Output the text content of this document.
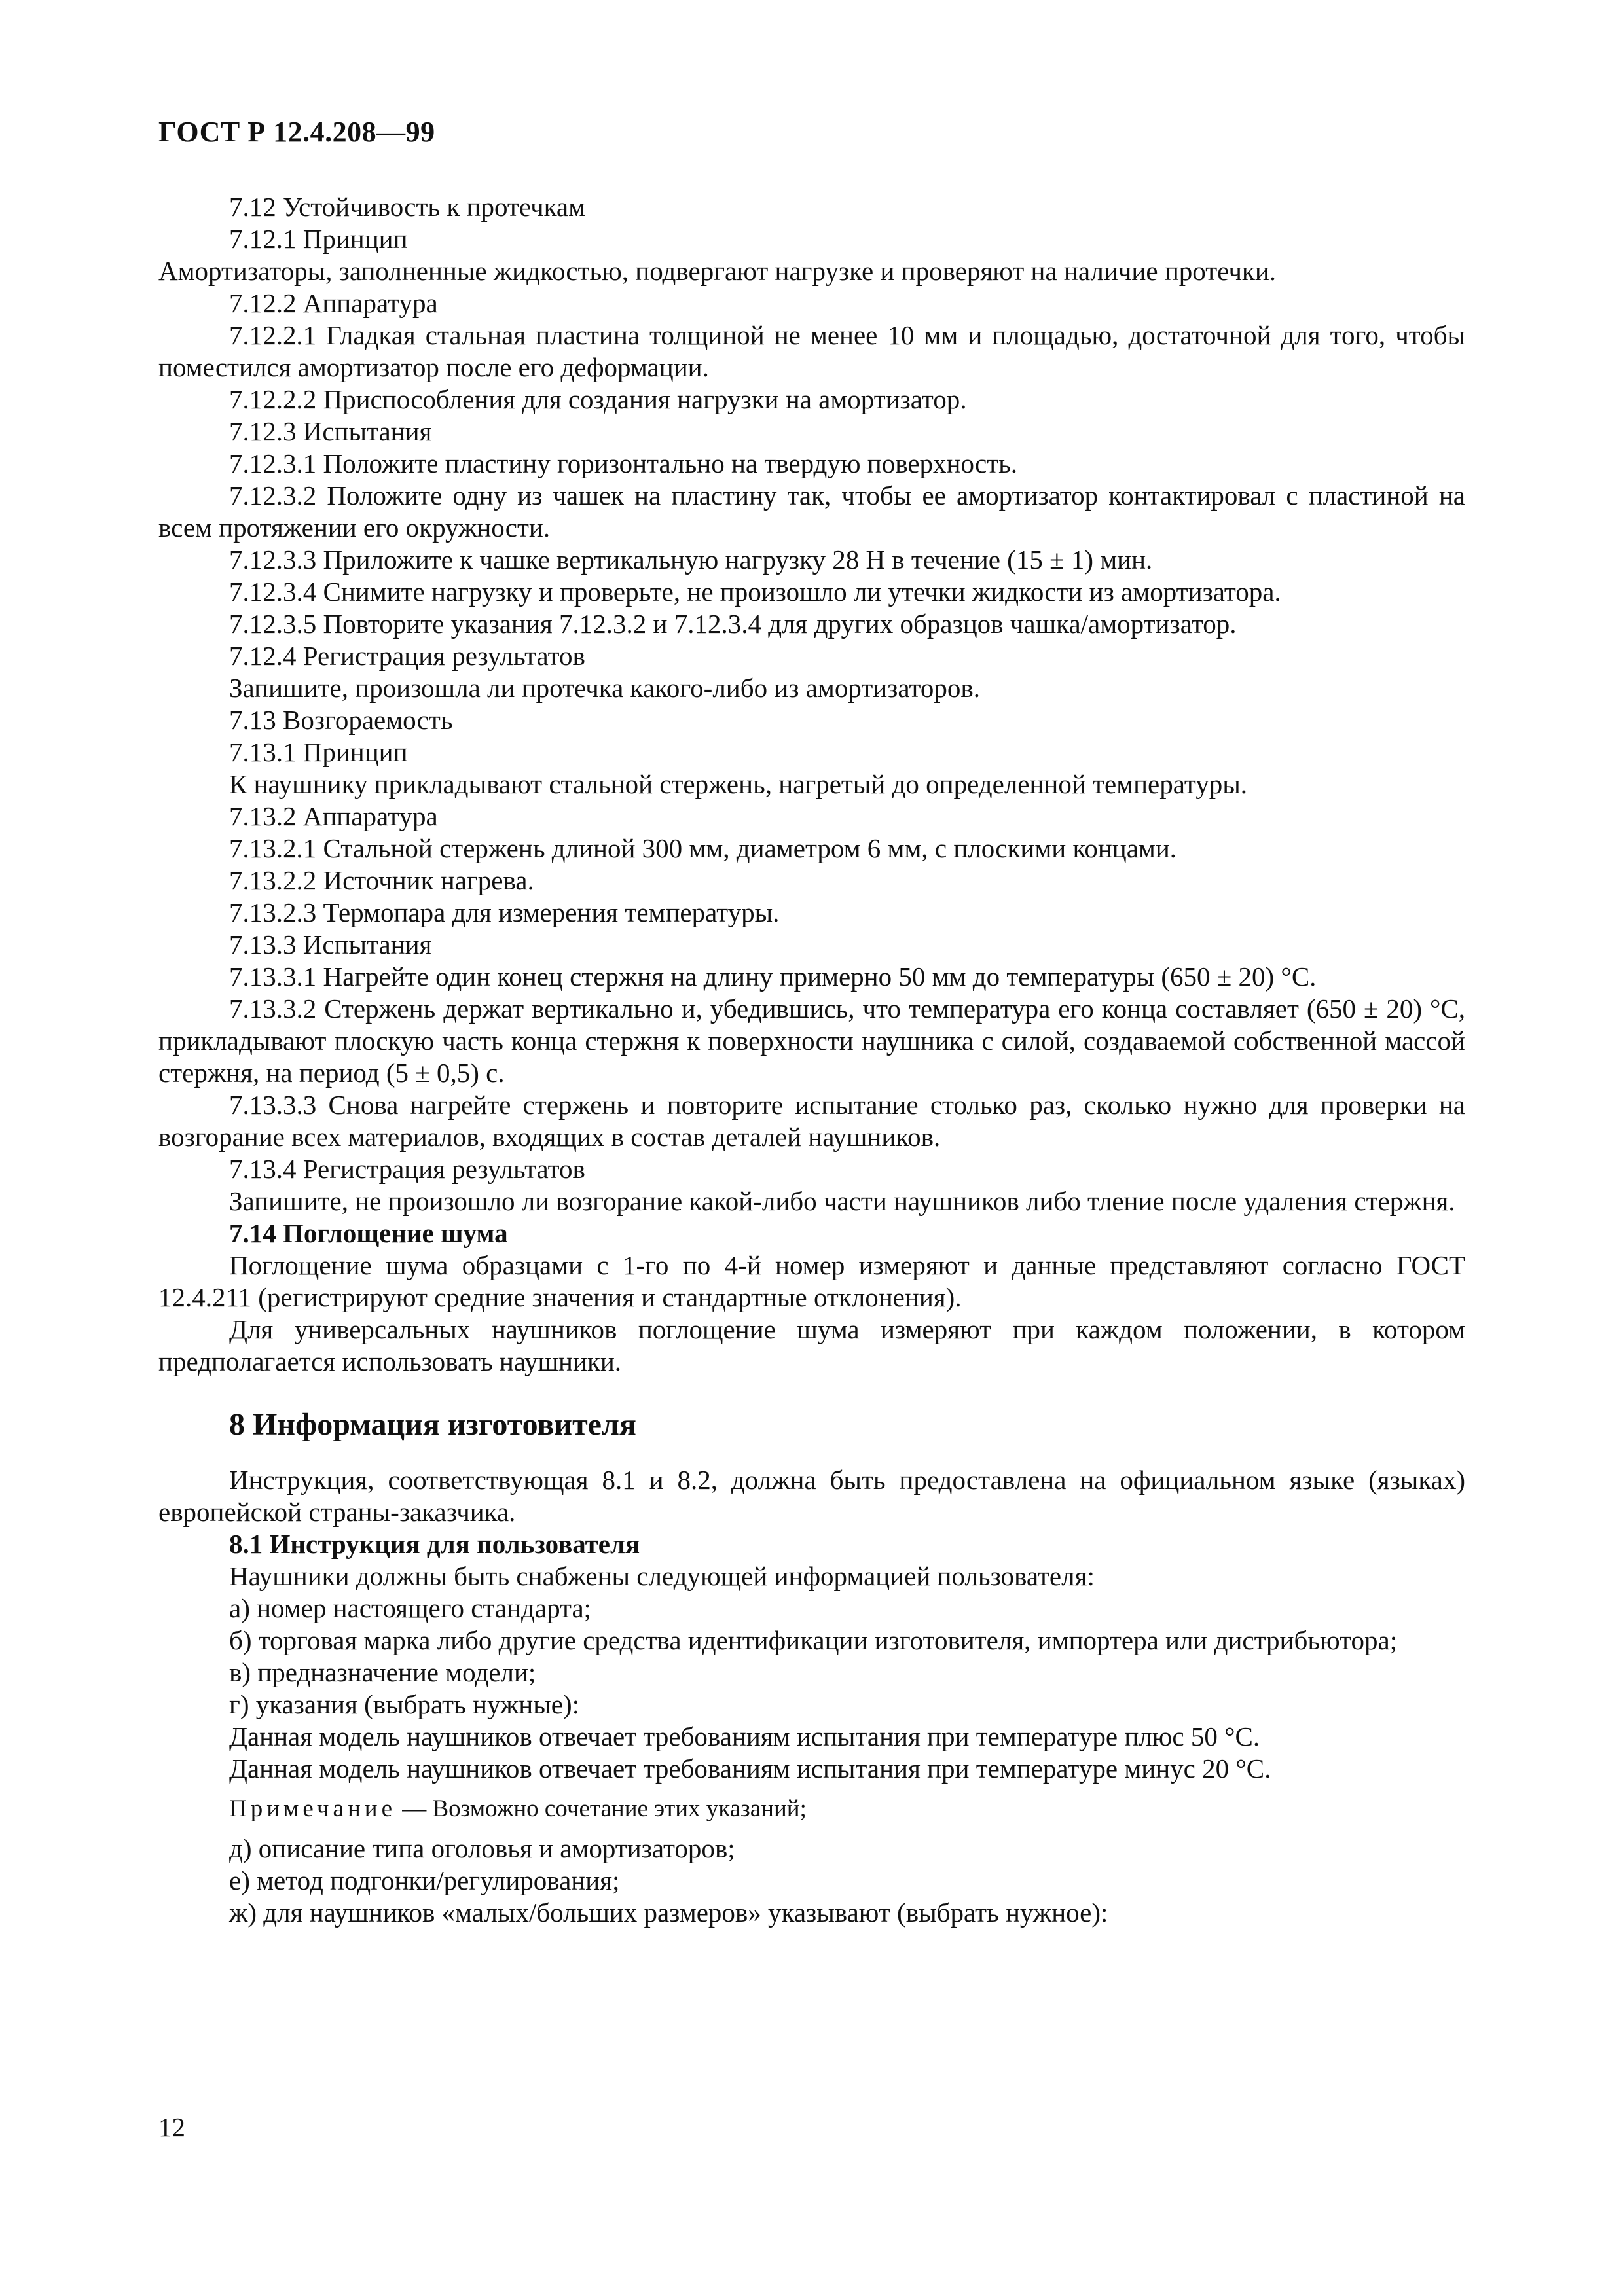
ГОСТ Р 12.4.208—99

7.12 Устойчивость к протечкам

7.12.1 Принцип

Амортизаторы, заполненные жидкостью, подвергают нагрузке и проверяют на наличие протечки.

7.12.2 Аппаратура

7.12.2.1 Гладкая стальная пластина толщиной не менее 10 мм и площадью, достаточной для того, чтобы поместился амортизатор после его деформации.

7.12.2.2 Приспособления для создания нагрузки на амортизатор.

7.12.3 Испытания

7.12.3.1 Положите пластину горизонтально на твердую поверхность.

7.12.3.2 Положите одну из чашек на пластину так, чтобы ее амортизатор контактировал с пластиной на всем протяжении его окружности.

7.12.3.3 Приложите к чашке вертикальную нагрузку 28 Н в течение (15 ± 1) мин.

7.12.3.4 Снимите нагрузку и проверьте, не произошло ли утечки жидкости из амортизатора.

7.12.3.5 Повторите указания 7.12.3.2 и 7.12.3.4 для других образцов чашка/амортизатор.

7.12.4 Регистрация результатов

Запишите, произошла ли протечка какого-либо из амортизаторов.

7.13 Возгораемость

7.13.1 Принцип

К наушнику прикладывают стальной стержень, нагретый до определенной температуры.

7.13.2 Аппаратура

7.13.2.1 Стальной стержень длиной 300 мм, диаметром 6 мм, с плоскими концами.

7.13.2.2 Источник нагрева.

7.13.2.3 Термопара для измерения температуры.

7.13.3 Испытания

7.13.3.1 Нагрейте один конец стержня на длину примерно 50 мм до температуры (650 ± 20) °С.

7.13.3.2 Стержень держат вертикально и, убедившись, что температура его конца составляет (650 ± 20) °С, прикладывают плоскую часть конца стержня к поверхности наушника с силой, создаваемой собственной массой стержня, на период (5 ± 0,5) с.

7.13.3.3 Снова нагрейте стержень и повторите испытание столько раз, сколько нужно для проверки на возгорание всех материалов, входящих в состав деталей наушников.

7.13.4 Регистрация результатов

Запишите, не произошло ли возгорание какой-либо части наушников либо тление после удаления стержня.

7.14 Поглощение шума

Поглощение шума образцами с 1-го по 4-й номер измеряют и данные представляют согласно ГОСТ 12.4.211 (регистрируют средние значения и стандартные отклонения).

Для универсальных наушников поглощение шума измеряют при каждом положении, в котором предполагается использовать наушники.

8 Информация изготовителя

Инструкция, соответствующая 8.1 и 8.2, должна быть предоставлена на официальном языке (языках) европейской страны-заказчика.

8.1 Инструкция для пользователя

Наушники должны быть снабжены следующей информацией пользователя:

а) номер настоящего стандарта;

б) торговая марка либо другие средства идентификации изготовителя, импортера или дистрибьютора;

в) предназначение модели;

г) указания (выбрать нужные):

Данная модель наушников отвечает требованиям испытания при температуре плюс 50 °С.

Данная модель наушников отвечает требованиям испытания при температуре минус 20 °С.

Примечание — Возможно сочетание этих указаний;

д) описание типа оголовья и амортизаторов;

е) метод подгонки/регулирования;

ж) для наушников «малых/больших размеров» указывают (выбрать нужное):

12
